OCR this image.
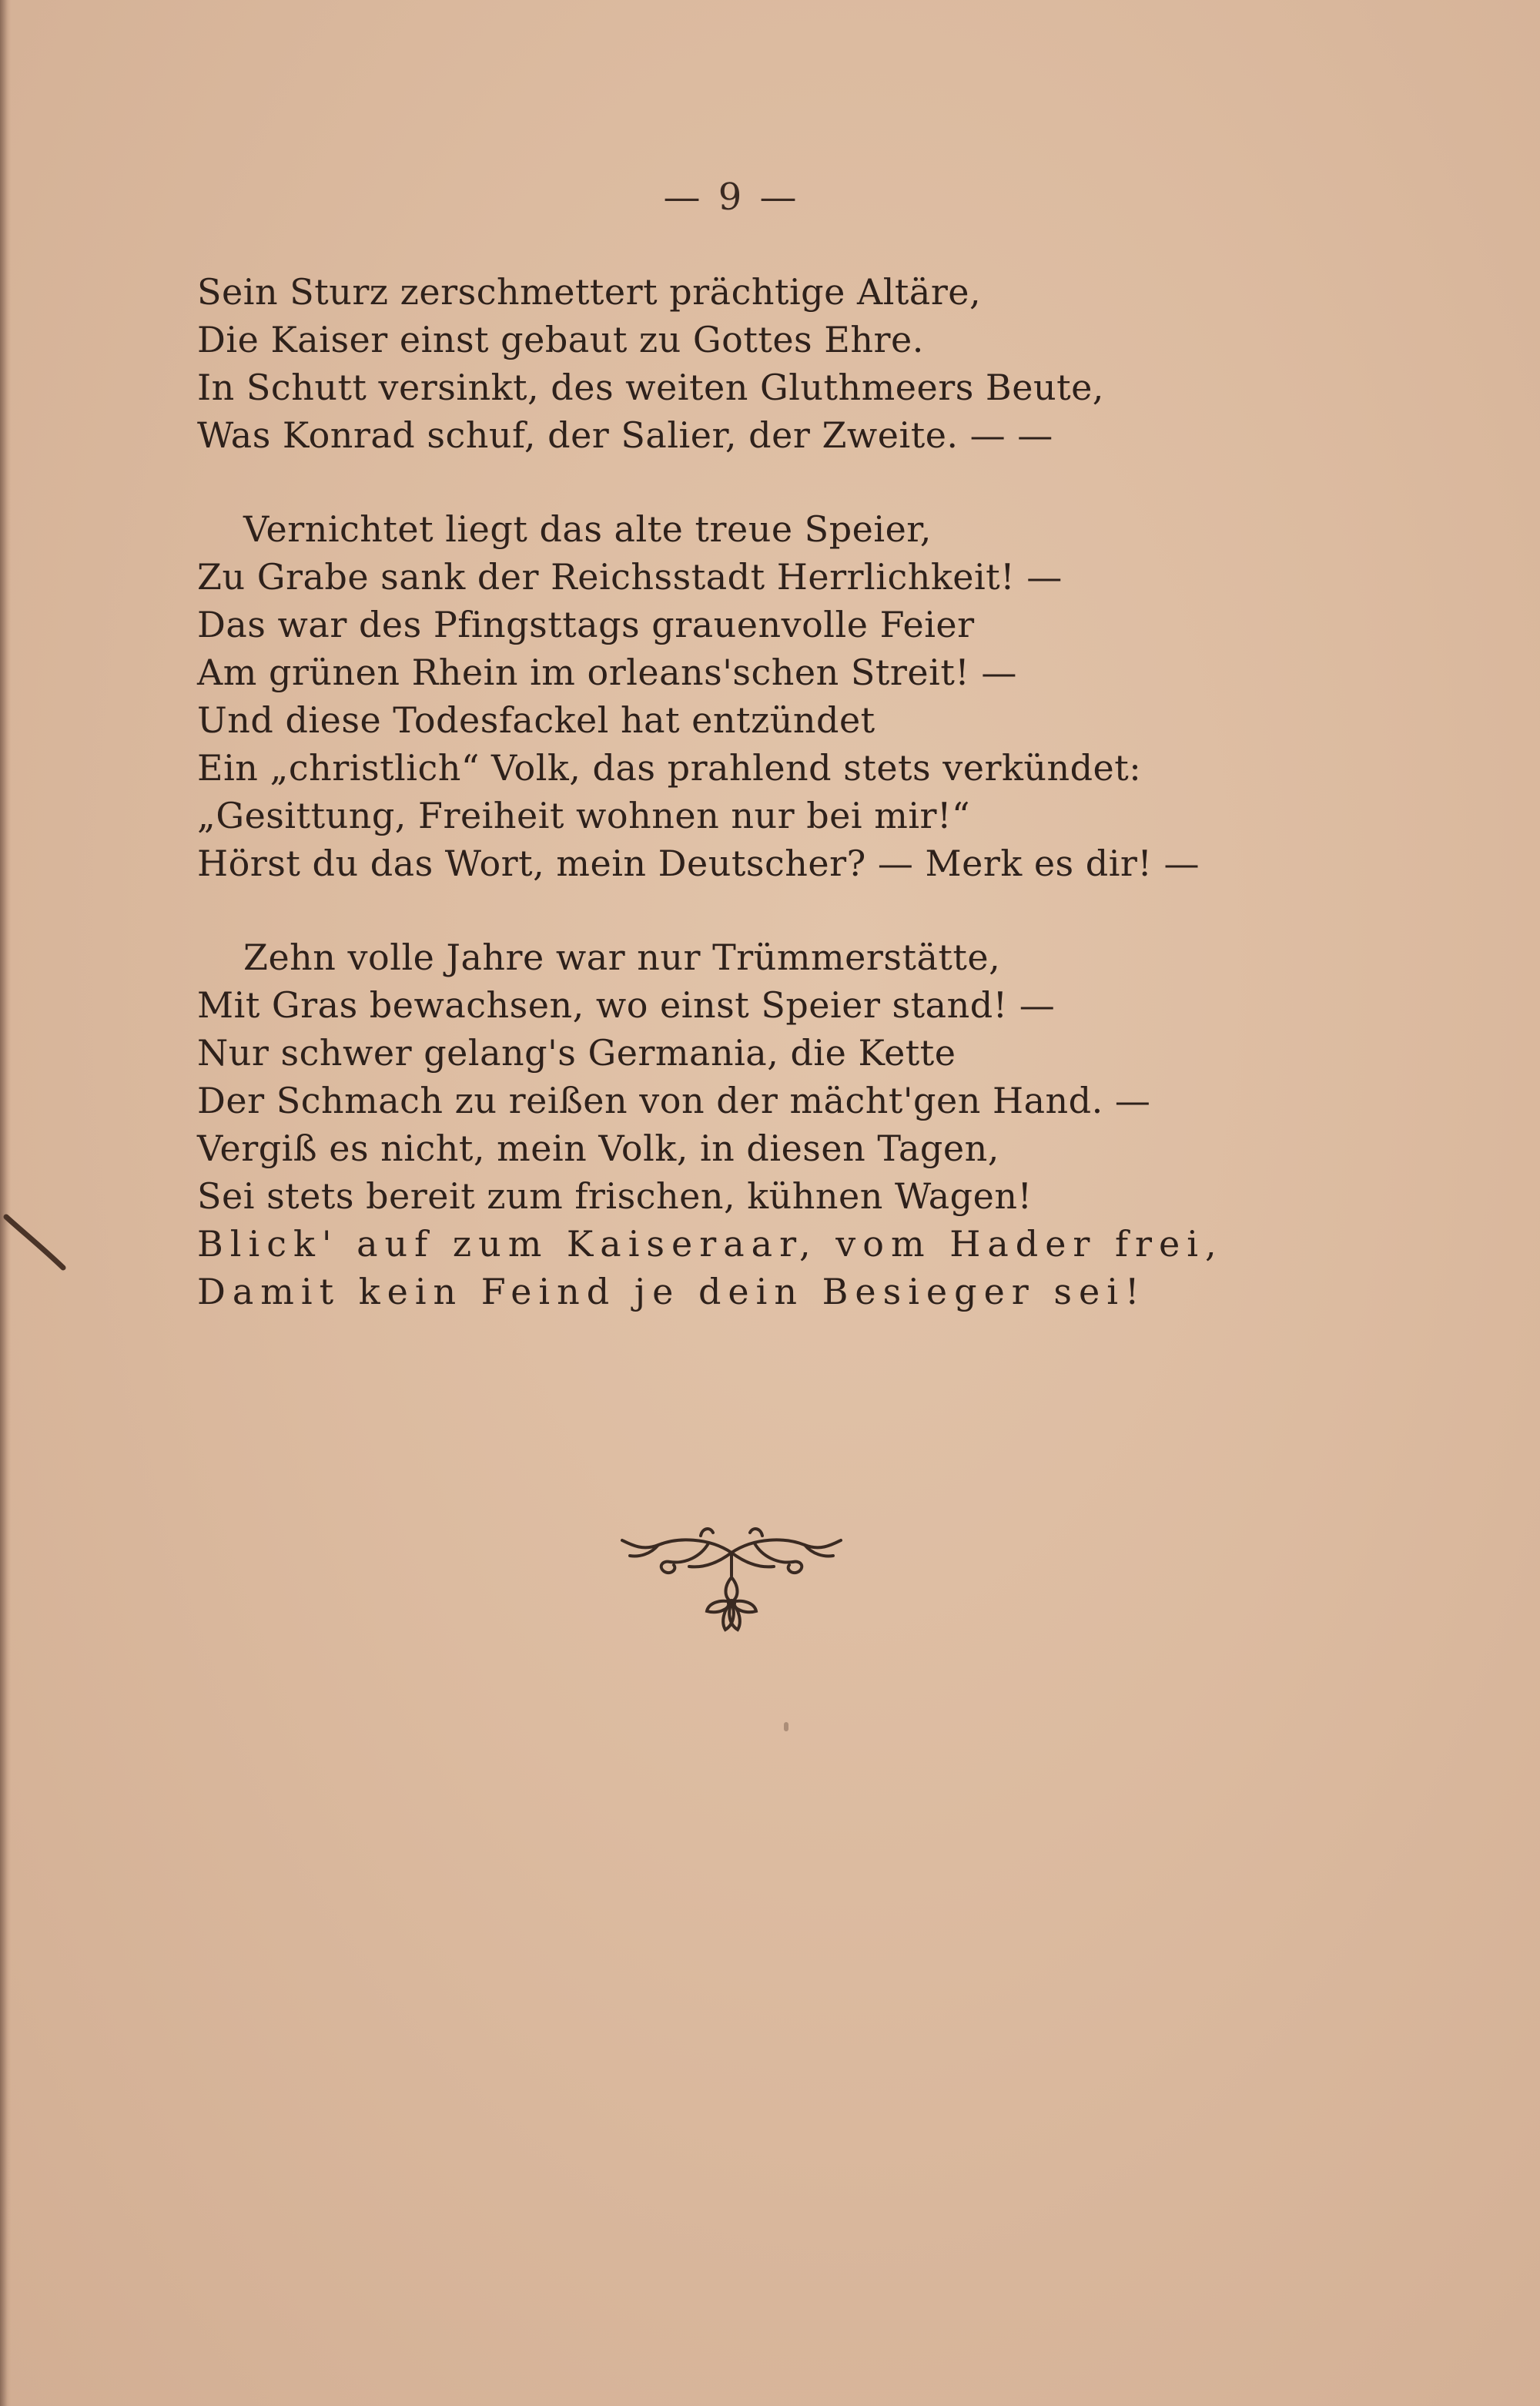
— 9 —
Sein Sturz zerschmettert prächtige Altäre,
Die Kaiser einst gebaut zu Gottes Ehre.
In Schutt versinkt, des weiten Gluthmeers Beute,
Was Konrad schuf, der Salier, der Zweite. — —
Vernichtet liegt das alte treue Speier,
Zu Grabe sank der Reichsstadt Herrlichkeit! —
Das war des Pfingsttags grauenvolle Feier
Am grünen Rhein im orleans'schen Streit! —
Und diese Todesfackel hat entzündet
Ein „christlich“ Volk, das prahlend stets verkündet:
„Gesittung, Freiheit wohnen nur bei mir!“
Hörst du das Wort, mein Deutscher? — Merk es dir! —
Zehn volle Jahre war nur Trümmerstätte,
Mit Gras bewachsen, wo einst Speier stand! —
Nur schwer gelang's Germania, die Kette
Der Schmach zu reißen von der mächt'gen Hand. —
Vergiß es nicht, mein Volk, in diesen Tagen,
Sei stets bereit zum frischen, kühnen Wagen!
Blick' auf zum Kaiseraar, vom Hader frei,
Damit kein Feind je dein Besieger sei!
